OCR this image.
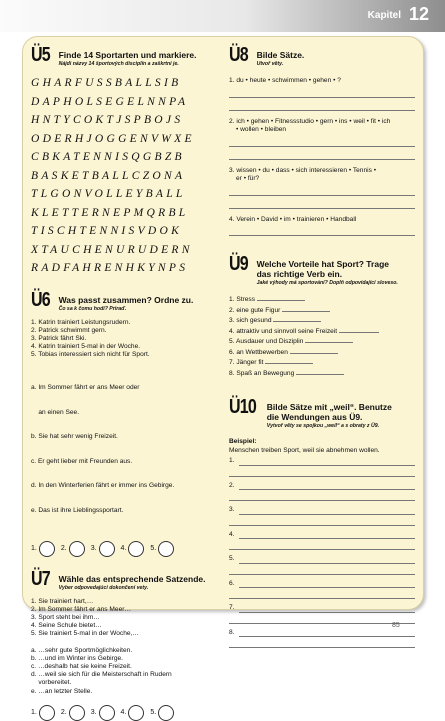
Kapitel 12
Ü5 Finde 14 Sportarten und markiere.
Nájdi názvy 14 športových disciplín a zaškrtni je.
GHARFUSSBALLSIB
DAPHOLSEGELNNPA
HNTYCOKTJSPBOJS
ODERHJOGGENVWXE
CBKATENNISQGBZB
BASKETBALLCZONA
TLGONVOLLEYBALL
KLETTERNEPMQRBL
TISCHTENNISVDOK
XTAUCHENURUDERN
RADFAHRENHKYNPS
Ü6 Was passt zusammen? Ordne zu.
Čo sa k čomu hodí? Priraď.
1. Katrin trainiert Leistungsrudern.
2. Patrick schwimmt gern.
3. Patrick fährt Ski.
4. Katrin trainiert 5-mal in der Woche.
5. Tobias interessiert sich nicht für Sport.

a. Im Sommer fährt er ans Meer oder

an einen See.

b. Sie hat sehr wenig Freizeit.

c. Er geht lieber mit Freunden aus.

d. In den Winterferien fährt er immer ins Gebirge.

e. Das ist ihre Lieblingssportart.

1.	2.	3.	4.	5.
Ü7 Wähle das entsprechende Satzende.
Vyber odpovedajúci dokončení vety.
1. Sie trainiert hart,…
2. Im Sommer fährt er ans Meer…
3. Sport steht bei ihm…
4. Seine Schule bietet…
5. Sie trainiert 5-mal in der Woche,…
a. …sehr gute Sportmöglichkeiten.
b. …und im Winter ins Gebirge.
c. …deshalb hat sie keine Freizeit.
d. …weil sie sich für die Meisterschaft in Rudern
vorbereitet.
e. …an letzter Stelle.
1.	2.	3.	4.	5.
Ü8 Bilde Sätze.
Utvoř věty.
1. du • heute • schwimmen • gehen • ?
2. ich • gehen • Fitnessstudio • gern • ins • weil • fit • ich
• wollen • bleiben
3. wissen • du • dass • sich interessieren • Tennis •
er • für?
4. Verein • David • im • trainieren • Handball
Ü9 Welche Vorteile hat Sport? Trage
das richtige Verb ein.
Jaké výhody má sportování? Doplň odpovídající sloveso.
1. Stress
2. eine gute Figur
3. sich gesund
4. attraktiv und sinnvoll seine Freizeit
5. Ausdauer und Disziplin
6. an Wettbewerben
7. Jänger fit
8. Spaß an Bewegung
Ü10 Bilde Sätze mit „weil“. Benutze
die Wendungen aus Ü9.
Vytvoř věty se spojkou „weil“ a s obraty z Ü9.
Beispiel:
Menschen treiben Sport, weil sie abnehmen wollen.
1.
2.
3.
4.
5.
6.
7.
8.
85
